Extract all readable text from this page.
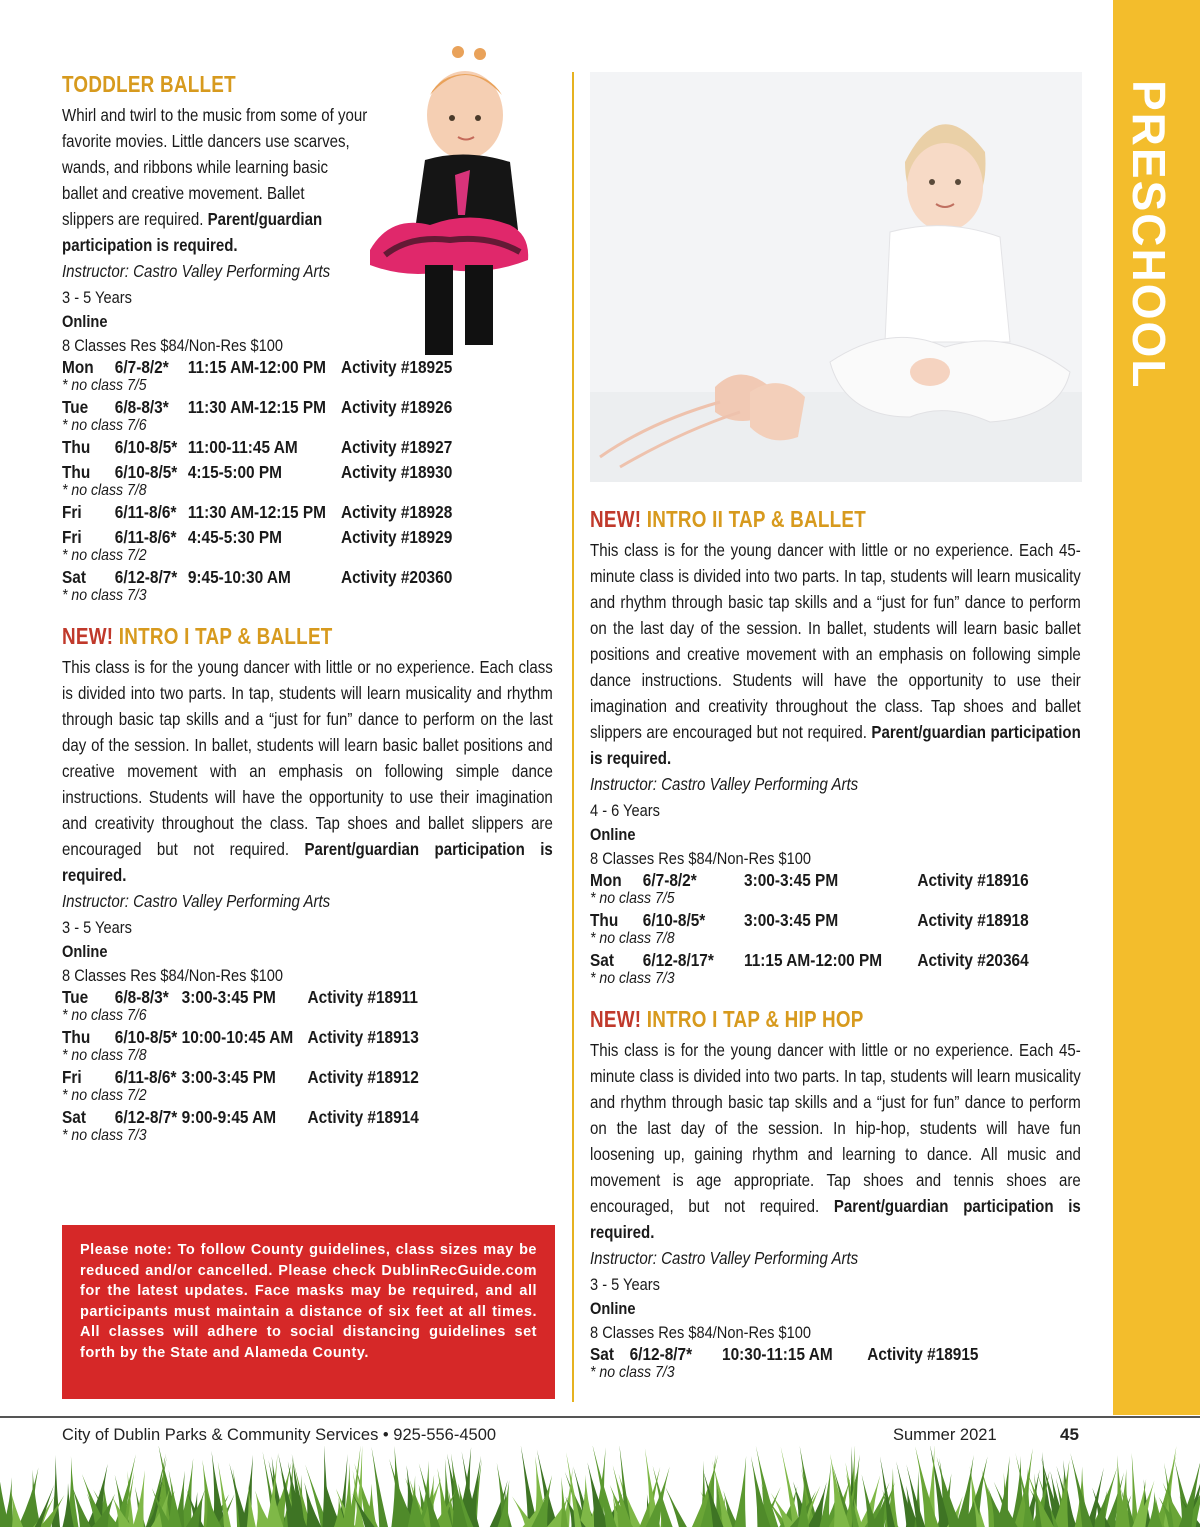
PRESCHOOL
TODDLER BALLET

Whirl and twirl to the music from some of your
favorite movies. Little dancers use scarves,
wands, and ribbons while learning basic
ballet and creative movement. Ballet
slippers are required. Parent/guardian
participation is required.

Instructor: Castro Valley Performing Arts

3 - 5 Years

Online

8 Classes Res $84/Non-Res $100

Mon 6/7-8/2* 11:15 AM-12:00 PM Activity #18925
* no class 7/5
Tue 6/8-8/3* 11:30 AM-12:15 PM Activity #18926
* no class 7/6
Thu 6/10-8/5* 11:00-11:45 AM Activity #18927
Thu 6/10-8/5* 4:15-5:00 PM	Activity #18930
* no class 7/8
Fri 6/11-8/6* 11:30 AM-12:15 PM Activity #18928
Fri 6/11-8/6* 4:45-5:30 PM	Activity #18929
* no class 7/2
Sat 6/12-8/7* 9:45-10:30 AM	Activity #20360
* no class 7/3
NEW! INTRO I TAP & BALLET

This class is for the young dancer with little or no experience. Each class is divided into two parts. In tap, students will learn musicality and rhythm through basic tap skills and a “just for fun” dance to perform on the last day of the session. In ballet, students will learn basic ballet positions and creative movement with an emphasis on following simple dance instructions. Students will have the opportunity to use their imagination and creativity throughout the class. Tap shoes and ballet slippers are encouraged but not required. Parent/guardian participation is required.

Instructor: Castro Valley Performing Arts

3 - 5 Years

Online

8 Classes Res $84/Non-Res $100

Tue 6/8-8/3* 3:00-3:45 PM Activity #18911
* no class 7/6
Thu 6/10-8/5* 10:00-10:45 AM Activity #18913
* no class 7/8
Fri 6/11-8/6* 3:00-3:45 PM Activity #18912
* no class 7/2
Sat 6/12-8/7* 9:00-9:45 AM Activity #18914
* no class 7/3

Please note: To follow County guidelines, class sizes may be reduced and/or cancelled. Please check DublinRecGuide.com for the latest updates. Face masks may be required, and all participants must maintain a distance of six feet at all times. All classes will adhere to social distancing guidelines set forth by the State and Alameda County.

NEW! INTRO II TAP & BALLET

This class is for the young dancer with little or no experience. Each 45-minute class is divided into two parts. In tap, students will learn musicality and rhythm through basic tap skills and a “just for fun” dance to perform on the last day of the session. In ballet, students will learn basic ballet positions and creative movement with an emphasis on following simple dance instructions. Students will have the opportunity to use their imagination and creativity throughout the class. Tap shoes and ballet slippers are encouraged but not required. Parent/guardian participation is required.

Instructor: Castro Valley Performing Arts

4 - 6 Years

Online

8 Classes Res $84/Non-Res $100

Mon 6/7-8/2*	3:00-3:45 PM	Activity #18916
* no class 7/5
Thu 6/10-8/5* 3:00-3:45 PM	Activity #18918
* no class 7/8
Sat 6/12-8/17* 11:15 AM-12:00 PM Activity #20364
* no class 7/3
NEW! INTRO I TAP & HIP HOP

This class is for the young dancer with little or no experience. Each 45-minute class is divided into two parts. In tap, students will learn musicality and rhythm through basic tap skills and a “just for fun” dance to perform on the last day of the session. In hip-hop, students will have fun loosening up, gaining rhythm and learning to dance. All music and movement is age appropriate. Tap shoes and tennis shoes are encouraged, but not required. Parent/guardian participation is required.

Instructor: Castro Valley Performing Arts

3 - 5 Years

Online

8 Classes Res $84/Non-Res $100

Sat 6/12-8/7* 10:30-11:15 AM Activity #18915
* no class 7/3
City of Dublin Parks & Community Services • 925-556-4500	Summer 2021	45
